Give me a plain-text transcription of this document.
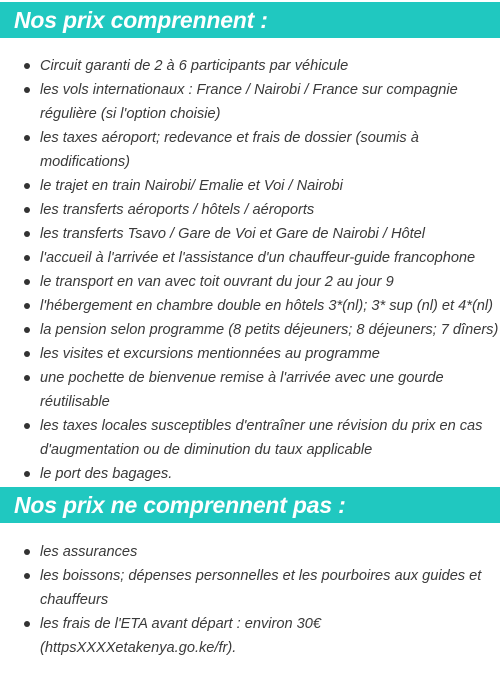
Nos prix comprennent :
Circuit garanti de 2 à 6 participants par véhicule
les vols internationaux : France / Nairobi / France sur compagnie régulière (si l'option choisie)
les taxes aéroport; redevance et frais de dossier (soumis à modifications)
le trajet en train Nairobi/ Emalie et Voi / Nairobi
les transferts aéroports / hôtels / aéroports
les transferts Tsavo / Gare de Voi et Gare de Nairobi / Hôtel
l'accueil à l'arrivée et l'assistance d'un chauffeur-guide francophone
le transport en van avec toit ouvrant du jour 2 au jour 9
l'hébergement en chambre double en hôtels 3*(nl); 3* sup (nl) et 4*(nl)
la pension selon programme (8 petits déjeuners; 8 déjeuners; 7 dîners)
les visites et excursions mentionnées au programme
une pochette de bienvenue remise à l'arrivée avec une gourde réutilisable
les taxes locales susceptibles d'entraîner une révision du prix en cas d'augmentation ou de diminution du taux applicable
le port des bagages.
Nos prix ne comprennent pas :
les assurances
les boissons; dépenses personnelles et les pourboires aux guides et chauffeurs
les frais de l'ETA avant départ : environ 30€ (httpsXXXXetakenya.go.ke/fr).
